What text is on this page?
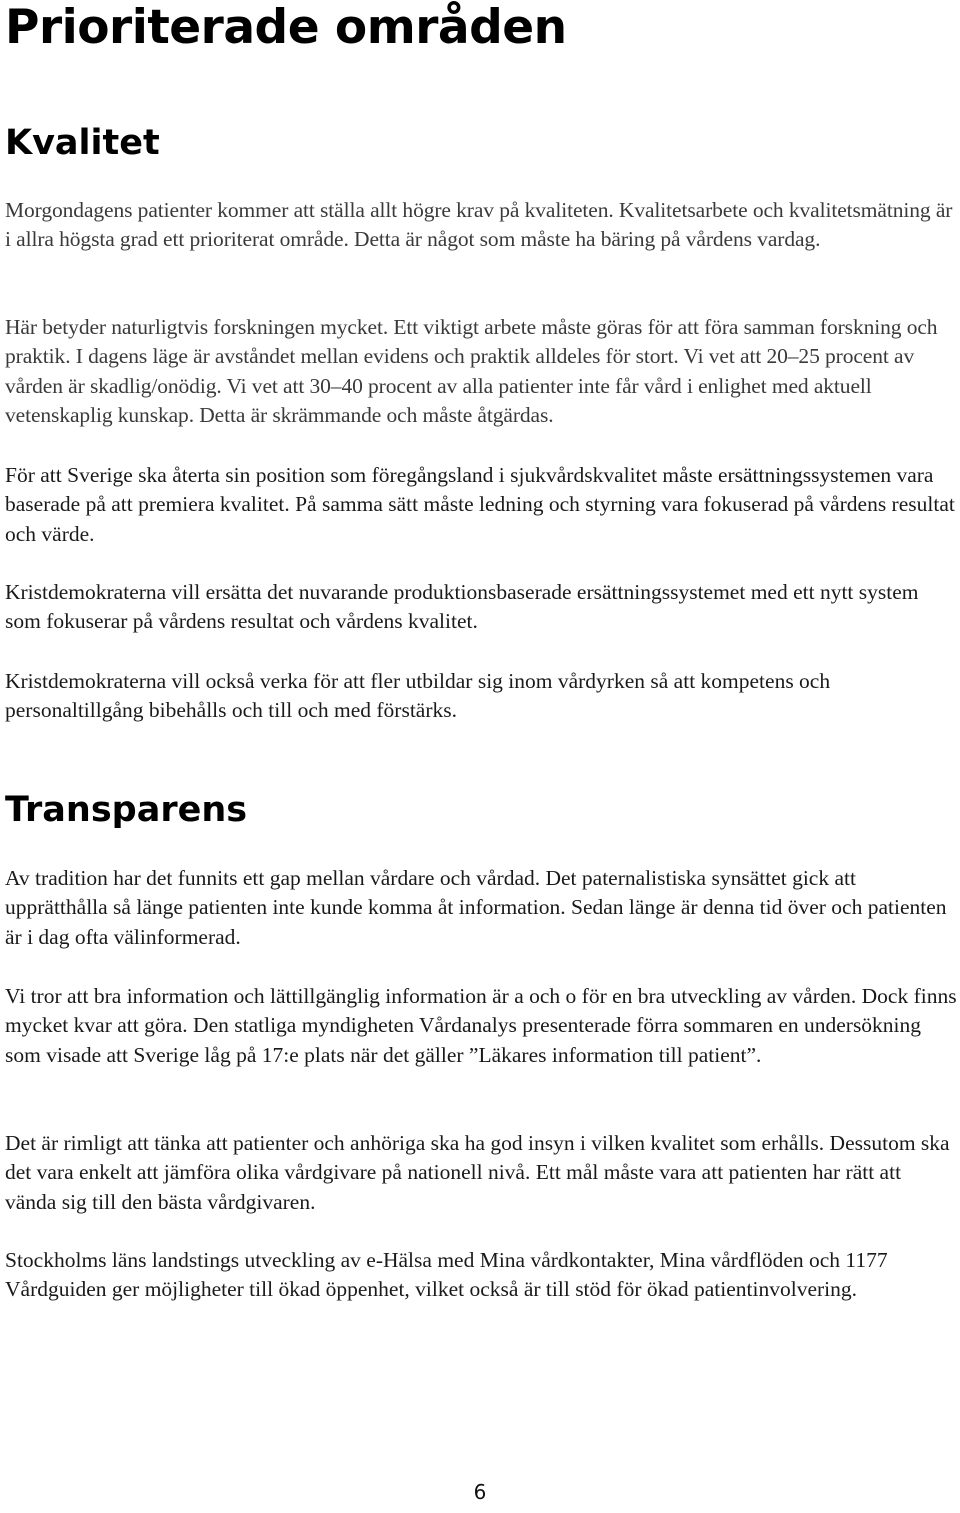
Prioriterade områden
Kvalitet

Morgondagens patienter kommer att ställa allt högre krav på kvaliteten. Kvalitetsarbete och kvalitetsmätning är i allra högsta grad ett prioriterat område. Detta är något som måste ha bäring på vårdens vardag.

Här betyder naturligtvis forskningen mycket. Ett viktigt arbete måste göras för att föra samman forskning och praktik. I dagens läge är avståndet mellan evidens och praktik alldeles för stort. Vi vet att 20–25 procent av vården är skadlig/onödig. Vi vet att 30–40 procent av alla patienter inte får vård i enlighet med aktuell vetenskaplig kunskap. Detta är skrämmande och måste åtgärdas.

För att Sverige ska återta sin position som föregångsland i sjukvårdskvalitet måste ersättningssystemen vara baserade på att premiera kvalitet. På samma sätt måste ledning och styrning vara fokuserad på vårdens resultat och värde.

Kristdemokraterna vill ersätta det nuvarande produktionsbaserade ersättningssystemet med ett nytt system som fokuserar på vårdens resultat och vårdens kvalitet.

Kristdemokraterna vill också verka för att fler utbildar sig inom vårdyrken så att kompetens och personaltillgång bibehålls och till och med förstärks.

Transparens

Av tradition har det funnits ett gap mellan vårdare och vårdad. Det paternalistiska synsättet gick att upprätthålla så länge patienten inte kunde komma åt information. Sedan länge är denna tid över och patienten är i dag ofta välinformerad.

Vi tror att bra information och lättillgänglig information är a och o för en bra utveckling av vården. Dock finns mycket kvar att göra. Den statliga myndigheten Vårdanalys presenterade förra sommaren en undersökning som visade att Sverige låg på 17:e plats när det gäller ”Läkares information till patient”.

Det är rimligt att tänka att patienter och anhöriga ska ha god insyn i vilken kvalitet som erhålls. Dessutom ska det vara enkelt att jämföra olika vårdgivare på nationell nivå. Ett mål måste vara att patienten har rätt att vända sig till den bästa vårdgivaren.

Stockholms läns landstings utveckling av e-Hälsa med Mina vårdkontakter, Mina vårdflöden och 1177 Vårdguiden ger möjligheter till ökad öppenhet, vilket också är till stöd för ökad patientinvolvering.

6
